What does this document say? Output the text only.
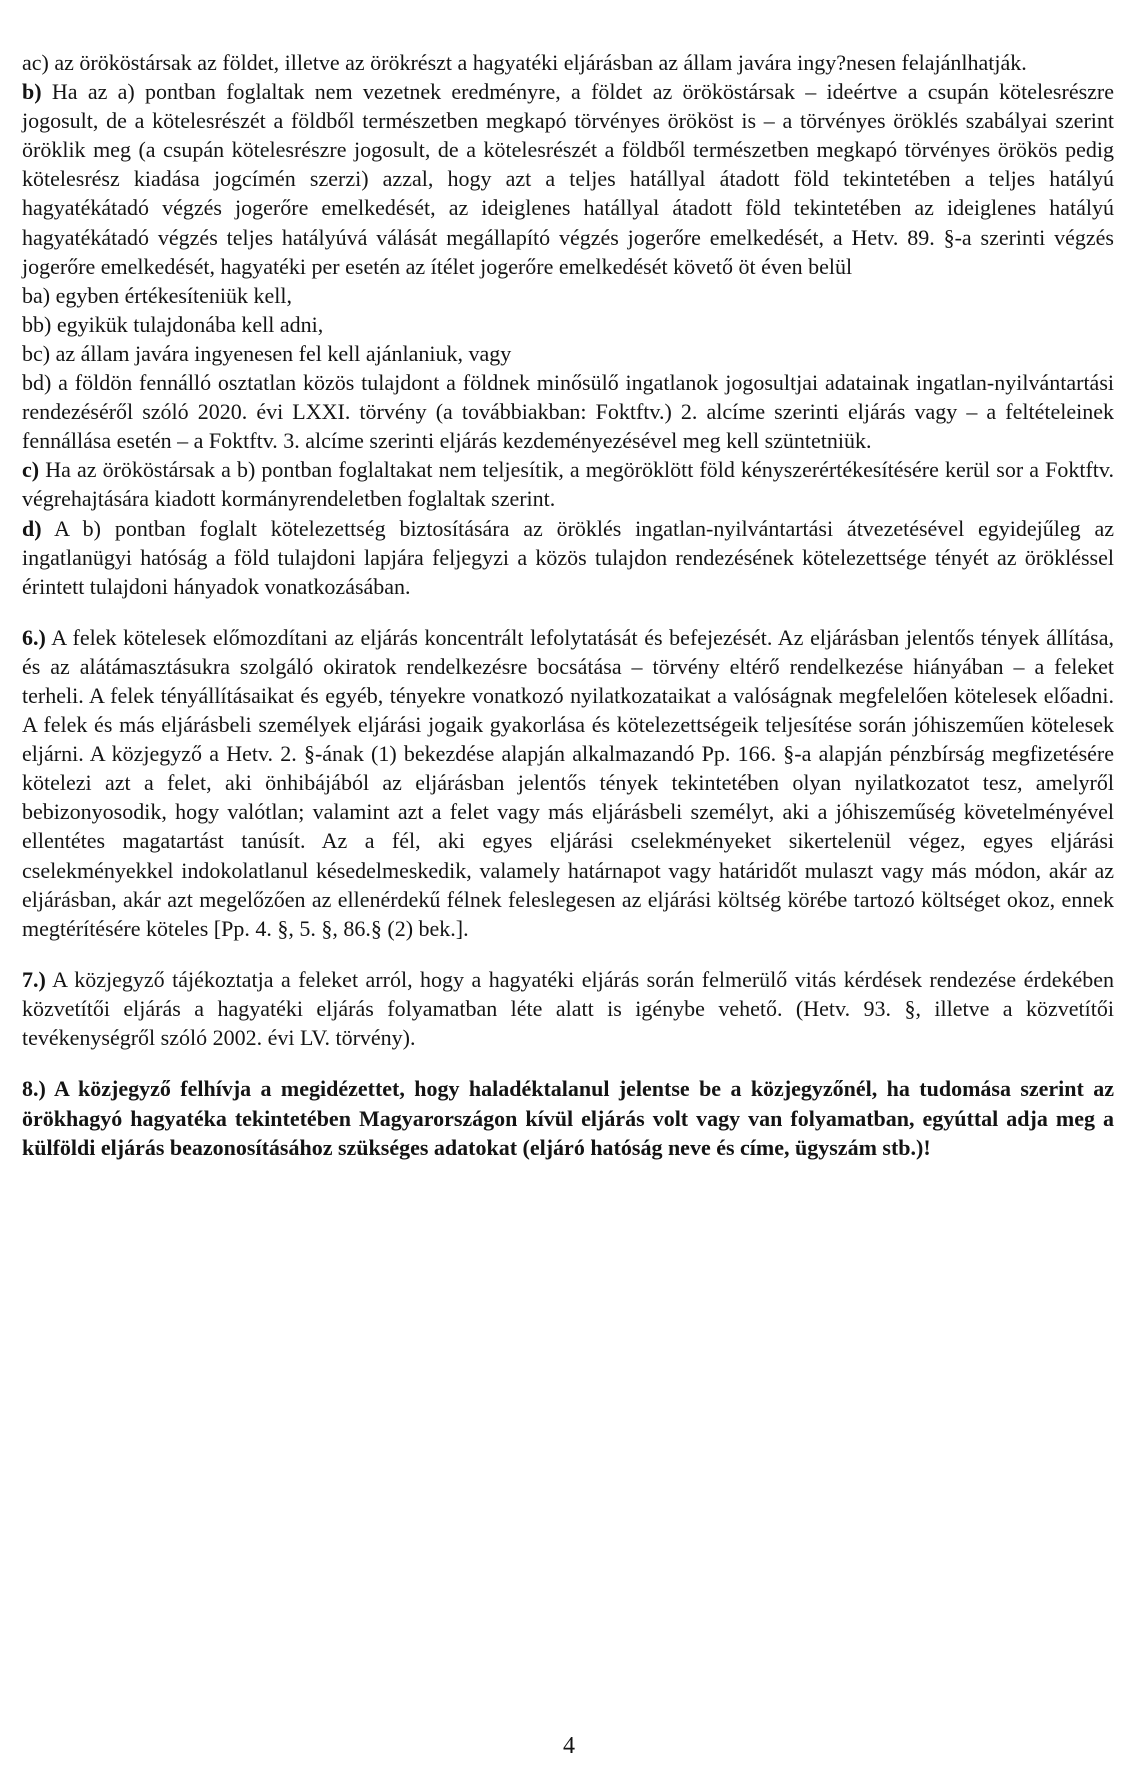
ac) az örököstársak az földet, illetve az örökrészt a hagyatéki eljárásban az állam javára ingy?nesen felajánlhatják.

b) Ha az a) pontban foglaltak nem vezetnek eredményre, a földet az örököstársak – ideértve a csupán kötelesrészre jogosult, de a kötelesrészét a földből természetben megkapó törvényes örököst is – a törvényes öröklés szabályai szerint öröklik meg (a csupán kötelesrészre jogosult, de a kötelesrészét a földből természetben megkapó törvényes örökös pedig kötelesrész kiadása jogcímén szerzi) azzal, hogy azt a teljes hatállyal átadott föld tekintetében a teljes hatályú hagyatékátadó végzés jogerőre emelkedését, az ideiglenes hatállyal átadott föld tekintetében az ideiglenes hatályú hagyatékátadó végzés teljes hatályúvá válását megállapító végzés jogerőre emelkedését, a Hetv. 89. §-a szerinti végzés jogerőre emelkedését, hagyatéki per esetén az ítélet jogerőre emelkedését követő öt éven belül

ba) egyben értékesíteniük kell,

bb) egyikük tulajdonába kell adni,

bc) az állam javára ingyenesen fel kell ajánlaniuk, vagy

bd) a földön fennálló osztatlan közös tulajdont a földnek minősülő ingatlanok jogosultjai adatainak ingatlan-nyilvántartási rendezéséről szóló 2020. évi LXXI. törvény (a továbbiakban: Foktftv.) 2. alcíme szerinti eljárás vagy – a feltételeinek fennállása esetén – a Foktftv. 3. alcíme szerinti eljárás kezdeményezésével meg kell szüntetniük.

c) Ha az örököstársak a b) pontban foglaltakat nem teljesítik, a megöröklött föld kényszerértékesítésére kerül sor a Foktftv. végrehajtására kiadott kormányrendeletben foglaltak szerint.

d) A b) pontban foglalt kötelezettség biztosítására az öröklés ingatlan-nyilvántartási átvezetésével egyidejűleg az ingatlanügyi hatóság a föld tulajdoni lapjára feljegyzi a közös tulajdon rendezésének kötelezettsége tényét az örökléssel érintett tulajdoni hányadok vonatkozásában.

6.) A felek kötelesek előmozdítani az eljárás koncentrált lefolytatását és befejezését. Az eljárásban jelentős tények állítása, és az alátámasztásukra szolgáló okiratok rendelkezésre bocsátása – törvény eltérő rendelkezése hiányában – a feleket terheli. A felek tényállításaikat és egyéb, tényekre vonatkozó nyilatkozataikat a valóságnak megfelelően kötelesek előadni. A felek és más eljárásbeli személyek eljárási jogaik gyakorlása és kötelezettségeik teljesítése során jóhiszeműen kötelesek eljárni. A közjegyző a Hetv. 2. §-ának (1) bekezdése alapján alkalmazandó Pp. 166. §-a alapján pénzbírság megfizetésére kötelezi azt a felet, aki önhibájából az eljárásban jelentős tények tekintetében olyan nyilatkozatot tesz, amelyről bebizonyosodik, hogy valótlan; valamint azt a felet vagy más eljárásbeli személyt, aki a jóhiszeműség követelményével ellentétes magatartást tanúsít. Az a fél, aki egyes eljárási cselekményeket sikertelenül végez, egyes eljárási cselekményekkel indokolatlanul késedelmeskedik, valamely határnapot vagy határidőt mulaszt vagy más módon, akár az eljárásban, akár azt megelőzően az ellenérdekű félnek feleslegesen az eljárási költség körébe tartozó költséget okoz, ennek megtérítésére köteles [Pp. 4. §, 5. §, 86.§ (2) bek.].

7.) A közjegyző tájékoztatja a feleket arról, hogy a hagyatéki eljárás során felmerülő vitás kérdések rendezése érdekében közvetítői eljárás a hagyatéki eljárás folyamatban léte alatt is igénybe vehető. (Hetv. 93. §, illetve a közvetítői tevékenységről szóló 2002. évi LV. törvény).

8.) A közjegyző felhívja a megidézettet, hogy haladéktalanul jelentse be a közjegyzőnél, ha tudomása szerint az örökhagyó hagyatéka tekintetében Magyarországon kívül eljárás volt vagy van folyamatban, egyúttal adja meg a külföldi eljárás beazonosításához szükséges adatokat (eljáró hatóság neve és címe, ügyszám stb.)!

4
